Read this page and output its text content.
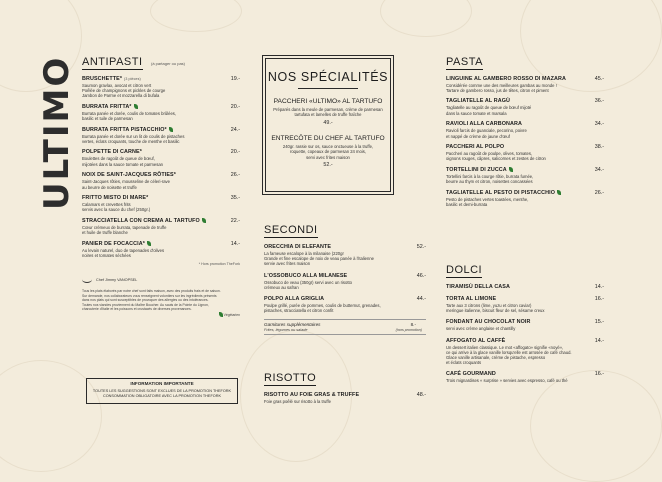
ULTIMO ANTIPASTI (à partager ou pas)
BRUSCHETTE* (3 pièces)	19.-
Saumon gravlax, avocat et citron vert
Poêlée de champignons et pickles de courge
Jambon de Parme et mozzarella di bufala
BURRATA FRITTA*	20.-
Burrata panée et dorée, coulis de tomates brûlées,
basilic et tuile de parmesan
BURRATA FRITTA PISTACCHIO*	24.-
Burrata panée et dorée sur un lit de coulis de pistaches
vertes, éclats croquants, touche de menthe et basilic
POLPETTE DI CARNE*	20.-
Boulettes de ragoût de queue de bœuf,
mijotées dans la sauce tomate et parmesan
NOIX DE SAINT-JACQUES RÔTIES*	26.-
Saint-Jacques rôties, mousseline de céleri-rave
au beurre de noisette et truffe
FRITTO MISTO DI MARE*	35.-
Calamars et crevettes frits
servis avec la sauce du chef (250gr.)
STRACCIATELLA CON CREMA AL TARTUFO	22.-
Cœur crémeux de burrata, tapenade de truffe
et huile de truffe blanche
PANIER DE FOCACCIA*	14.-
Au levain naturel, duo de tapenades d'olives
noires et tomates séchées
* Hors promotion TheFork
Chef Jimmy VANOPSEL
Tous les plats élaborés par notre chef sont faits maison, avec des produits frais et de saison.
Sur demande, nos collaborateurs vous renseignent volontiers sur les ingrédients présents
dans nos plats qui sont susceptibles de provoquer des allergies ou des intolérances.
Toutes nos viandes proviennent du Maître Boucher. Au sauts de la Pointe du Lignon,
charcuterie d'Italie et les poissons et crustacés de diverses provenances.
Végétarien
INFORMATION IMPORTANTE
TOUTES LES SUGGESTIONS SONT EXCLUES DE LA PROMOTION THEFORK
CONSOMMATION OBLIGATOIRE AVEC LA PROMOTION THEFORK
NOS SPÉCIALITÉS
PACCHERI «ULTIMO» AL TARTUFO
Préparés dans la meule de parmesan, crème de parmesan
tartufata et lamelles de truffe fraîche
49.-
ENTRECÔTE DU CHEF AL TARTUFO
240gr. rassie sur os, sauce onctueuse à la truffe,
roquette, copeaux de parmesan 24 mois,
servi avec frites maison
52.-
SECONDI
ORECCHIA DI ELEFANTE	52.-
La fameuse escalope à la milanaise (220gr
Grande et fine escalope de noix de veau panée à l'italienne
servie avec frites maison
L'OSSOBUCO ALLA MILANESE	46.-
Ossobuco de veau (350gr) servi avec un risotto
crémeux au safran
POLPO ALLA GRIGLIA	44.-
Poulpe grillé, purée de pommes, coulis de butternut, grenades,
pistaches, stracciatella et citron confit
Garnitures supplémentaires
Frites, légumes ou salade
8.-
(hors promotion)
RISOTTO
RISOTTO AU FOIE GRAS & TRUFFE	48.-
Foie gras poêlé sur risotto à la truffe
PASTA
LINGUINE AL GAMBERO ROSSO DI MAZARA	45.-
Considérée comme une des meilleures gambas au monde !
Tartare de gambero rosso, jus de têtes, citron et piment
TAGLIATELLE AL RAGÙ	36.-
Tagliatelle au ragoût de queue de bœuf mijoté
dans la sauce tomate et marsala
RAVIOLI ALLA CARBONARA	34.-
Ravioli farcis de guanciale, pecorino, poivre
et nappé de crème de jaune d'œuf
PACCHERI AL POLPO	38.-
Paccheri au ragoût de poulpe, olives, tomates,
oignons rouges, câpres, salicornes et zestes de citron
TORTELLINI DI ZUCCA	34.-
Tortellini farcis à la courge rôtie, burrata fumée,
beurre au thym et citron, noisettes concassées
TAGLIATELLE AL PESTO DI PISTACCHIO	26.-
Pesto de pistaches vertes toastées, menthe,
basilic et demi-burrata
DOLCI
TIRAMISÙ DELLA CASA	14.-
TORTA AL LIMONE	16.-
Tarte aux 3 citrons (lime, yuzu et citron caviar)
meringue italienne, biscuit fleur de sel, sésame creux
FONDANT AU CHOCOLAT NOIR	15.-
servi avec crème anglaise et chantilly
AFFOGATO AL CAFFÈ	14.-
Un dessert italien classique. Le mot «affogato» signifie «noyé»,
ce qui arrive à la glace vanille lorsqu'elle est arrosée de café chaud.
Glace vanille artisanale, crème de pistache, espresso
et éclats croquants
CAFÉ GOURMAND	16.-
Trois mignardises « surprise » servies avec espresso, café ou thé
